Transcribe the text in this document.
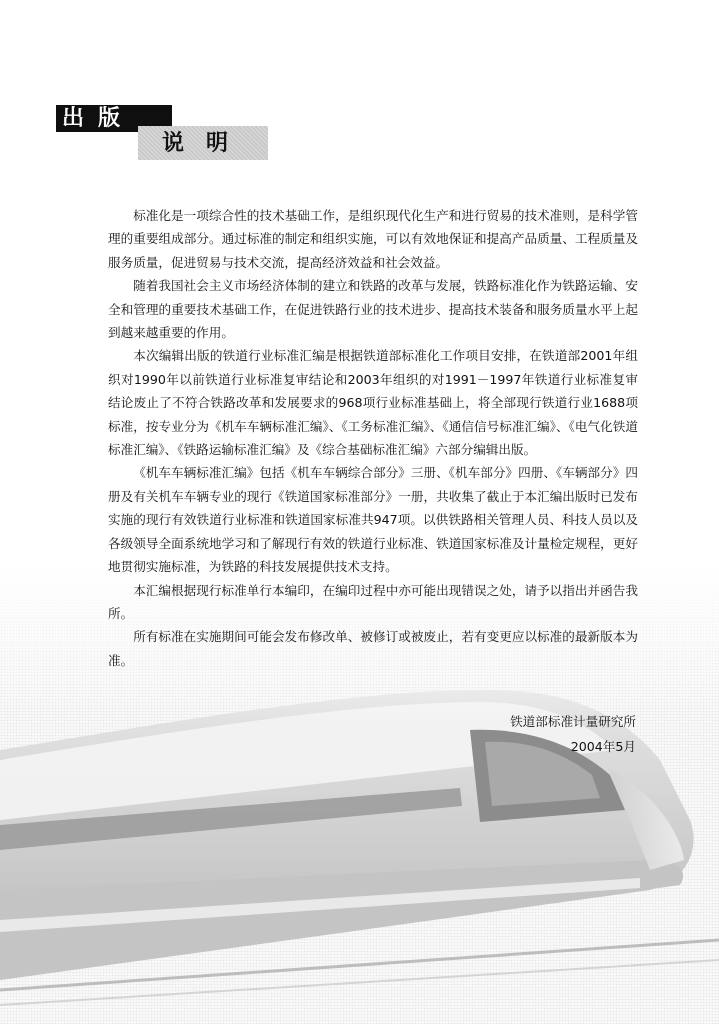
出版
说明

标准化是一项综合性的技术基础工作，是组织现代化生产和进行贸易的技术准则，是科学管理的重要组成部分。通过标准的制定和组织实施，可以有效地保证和提高产品质量、工程质量及服务质量，促进贸易与技术交流，提高经济效益和社会效益。

随着我国社会主义市场经济体制的建立和铁路的改革与发展，铁路标准化作为铁路运输、安全和管理的重要技术基础工作，在促进铁路行业的技术进步、提高技术装备和服务质量水平上起到越来越重要的作用。

本次编辑出版的铁道行业标准汇编是根据铁道部标准化工作项目安排，在铁道部2001年组织对1990年以前铁道行业标准复审结论和2003年组织的对1991－1997年铁道行业标准复审结论废止了不符合铁路改革和发展要求的968项行业标准基础上，将全部现行铁道行业1688项标准，按专业分为《机车车辆标准汇编》、《工务标准汇编》、《通信信号标准汇编》、《电气化铁道标准汇编》、《铁路运输标准汇编》及《综合基础标准汇编》六部分编辑出版。

《机车车辆标准汇编》包括《机车车辆综合部分》三册、《机车部分》四册、《车辆部分》四册及有关机车车辆专业的现行《铁道国家标准部分》一册，共收集了截止于本汇编出版时已发布实施的现行有效铁道行业标准和铁道国家标准共947项。以供铁路相关管理人员、科技人员以及各级领导全面系统地学习和了解现行有效的铁道行业标准、铁道国家标准及计量检定规程，更好地贯彻实施标准，为铁路的科技发展提供技术支持。

本汇编根据现行标准单行本编印，在编印过程中亦可能出现错误之处，请予以指出并函告我所。

所有标准在实施期间可能会发布修改单、被修订或被废止，若有变更应以标准的最新版本为准。

铁道部标准计量研究所
2004年5月
